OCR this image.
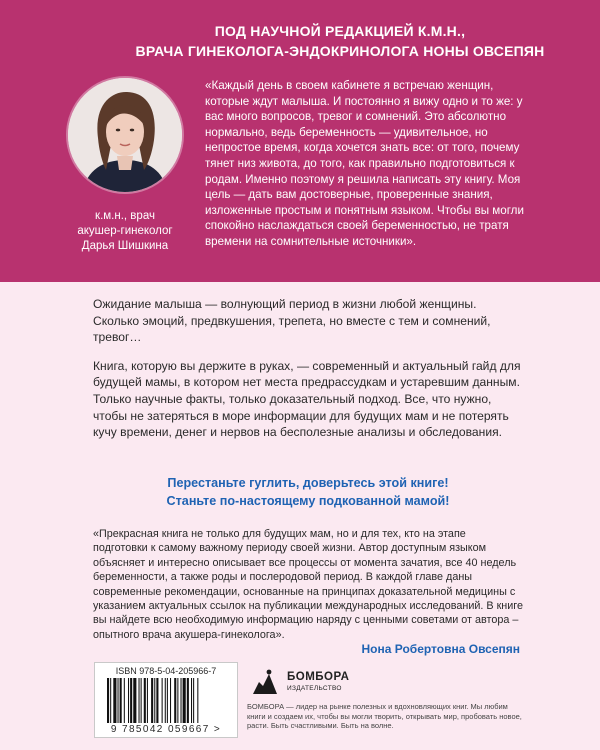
ПОД НАУЧНОЙ РЕДАКЦИЕЙ К.М.Н.,
ВРАЧА ГИНЕКОЛОГА-ЭНДОКРИНОЛОГА НОНЫ ОВСЕПЯН
к.м.н., врач
акушер-гинеколог
Дарья Шишкина

«Каждый день в своем кабинете я встречаю женщин, которые ждут малыша. И постоянно я вижу одно и то же: у вас много вопросов, тревог и сомнений. Это абсолютно нормально, ведь беременность — удивительное, но непростое время, когда хочется знать все: от того, почему тянет низ живота, до того, как правильно подготовиться к родам. Именно поэтому я решила написать эту книгу. Моя цель — дать вам достоверные, проверенные знания, изложенные простым и понятным языком. Чтобы вы могли спокойно наслаждаться своей беременностью, не тратя времени на сомнительные источники».

Ожидание малыша — волнующий период в жизни любой женщины. Сколько эмоций, предвкушения, трепета, но вместе с тем и сомнений, тревог…

Книга, которую вы держите в руках, — современный и актуальный гайд для будущей мамы, в котором нет места предрассудкам и устаревшим данным. Только научные факты, только доказательный подход. Все, что нужно, чтобы не затеряться в море информации для будущих мам и не потерять кучу времени, денег и нервов на бесполезные анализы и обследования.

Перестаньте гуглить, доверьтесь этой книге!
Станьте по-настоящему подкованной мамой!
«Прекрасная книга не только для будущих мам, но и для тех, кто на этапе подготовки к самому важному периоду своей жизни. Автор доступным языком объясняет и интересно описывает все процессы от момента зачатия, все 40 недель беременности, а также роды и послеродовой период. В каждой главе даны современные рекомендации, основанные на принципах доказательной медицины с указанием актуальных ссылок на публикации международных исследований. В книге вы найдете всю необходимую информацию наряду с ценными советами от автора – опытного врача акушера-гинеколога».
Нона Робертовна Овсепян
ISBN 978-5-04-205966-7
9 785042 059667 >
БОМБОРА
ИЗДАТЕЛЬСТВО
БОМБОРА — лидер на рынке полезных и вдохновляющих книг. Мы любим книги и создаем их, чтобы вы могли творить, открывать мир, пробовать новое, расти. Быть счастливыми. Быть на волне.
